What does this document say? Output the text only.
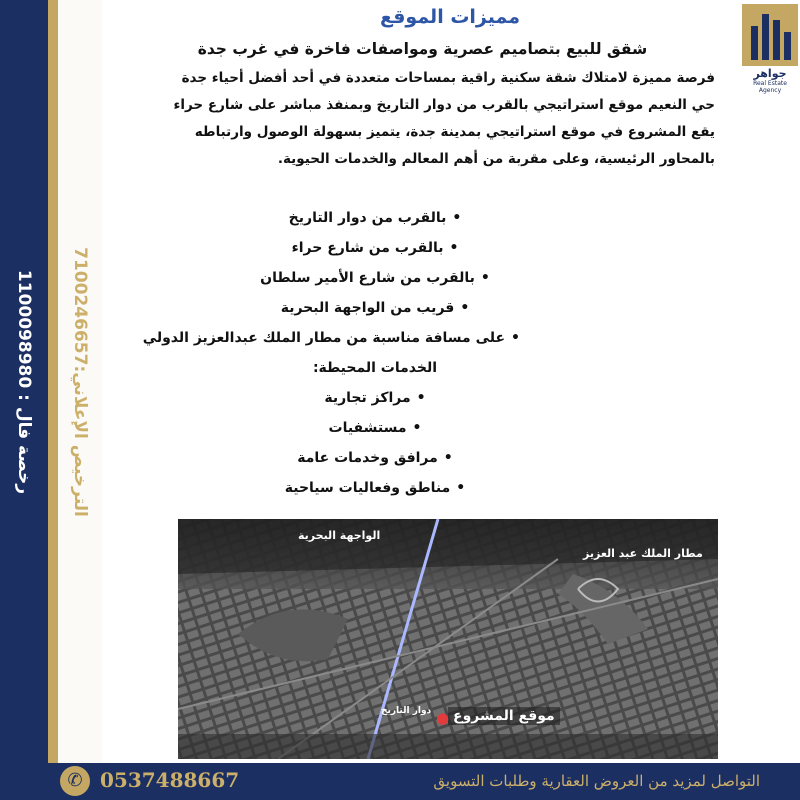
رخصة فال : 1100098980
الترخيص الإعلاني:7100246657
جواهر
Real Estate Agency
مميزات الموقع
شقق للبيع بتصاميم عصرية ومواصفات فاخرة في غرب جدة
فرصة مميزة لامتلاك شقة سكنية راقية بمساحات متعددة في أحد أفضل أحياء جدة
حي النعيم موقع استراتيجي بالقرب من دوار التاريخ وبمنفذ مباشر على شارع حراء
يقع المشروع في موقع استراتيجي بمدينة جدة، يتميز بسهولة الوصول وارتباطه
بالمحاور الرئيسية، وعلى مقربة من أهم المعالم والخدمات الحيوية.
•بالقرب من دوار التاريخ
•بالقرب من شارع حراء
•بالقرب من شارع الأمير سلطان
•قريب من الواجهة البحرية
•على مسافة مناسبة من مطار الملك عبدالعزيز الدولي
الخدمات المحيطة:
•مراكز تجارية
•مستشفيات
•مرافق وخدمات عامة
•مناطق وفعاليات سياحية
الواجهة البحرية
مطار الملك عبد العزيز
موقع المشروع
دوار التاريخ ●
✆ 0537488667	التواصل لمزيد من العروض العقارية وطلبات التسويق
